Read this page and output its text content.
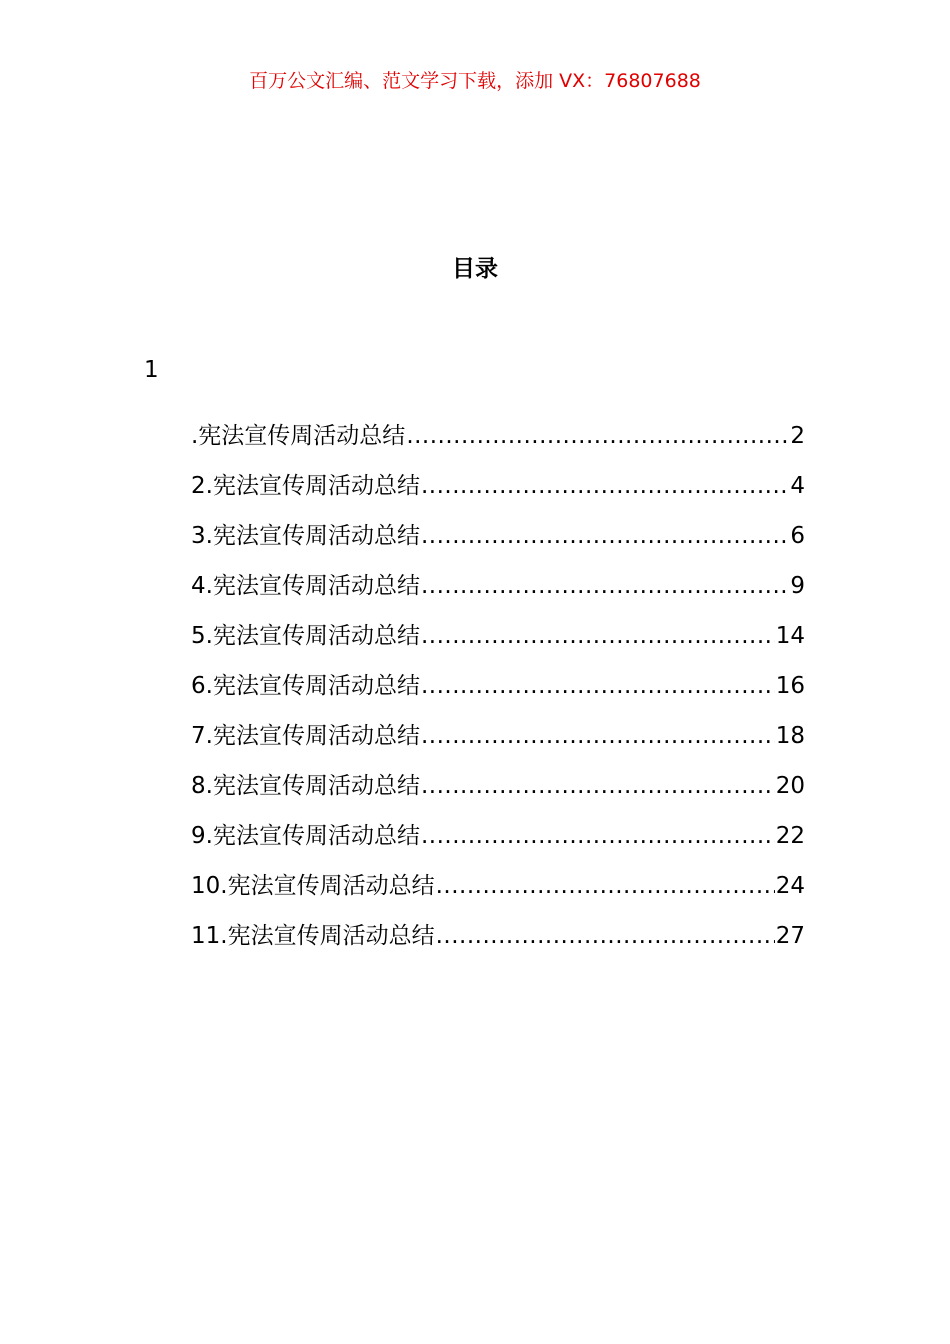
百万公文汇编、范文学习下载，添加 VX：76807688
目录
1
.宪法宣传周活动总结 .....	2
2.宪法宣传周活动总结 .....	4
3.宪法宣传周活动总结 .....	6
4.宪法宣传周活动总结 .....	9
5.宪法宣传周活动总结 .....	14
6.宪法宣传周活动总结 .....	16
7.宪法宣传周活动总结 .....	18
8.宪法宣传周活动总结 .....	20
9.宪法宣传周活动总结 .....	22
10.宪法宣传周活动总结 .....	24
11.宪法宣传周活动总结 .....	27
